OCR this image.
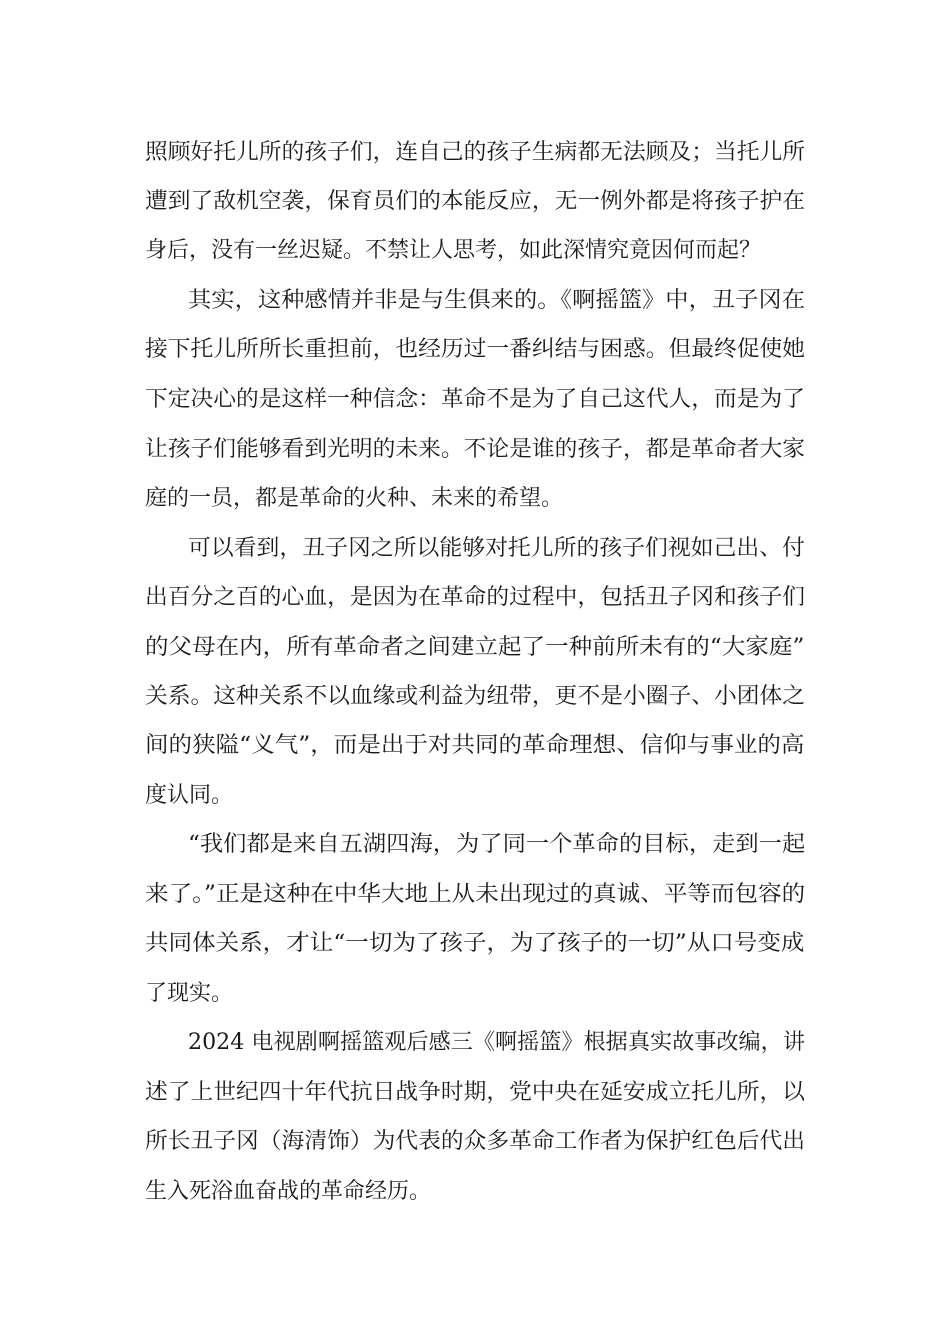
照顾好托儿所的孩子们，连自己的孩子生病都无法顾及；当托儿所

遭到了敌机空袭，保育员们的本能反应，无一例外都是将孩子护在

身后，没有一丝迟疑。不禁让人思考，如此深情究竟因何而起？

其实，这种感情并非是与生俱来的。《啊摇篮》中，丑子冈在

接下托儿所所长重担前，也经历过一番纠结与困惑。但最终促使她

下定决心的是这样一种信念：革命不是为了自己这代人，而是为了

让孩子们能够看到光明的未来。不论是谁的孩子，都是革命者大家

庭的一员，都是革命的火种、未来的希望。

可以看到，丑子冈之所以能够对托儿所的孩子们视如己出、付

出百分之百的心血，是因为在革命的过程中，包括丑子冈和孩子们

的父母在内，所有革命者之间建立起了一种前所未有的“大家庭”

关系。这种关系不以血缘或利益为纽带，更不是小圈子、小团体之

间的狭隘“义气”，而是出于对共同的革命理想、信仰与事业的高

度认同。

“我们都是来自五湖四海，为了同一个革命的目标，走到一起

来了。”正是这种在中华大地上从未出现过的真诚、平等而包容的

共同体关系，才让“一切为了孩子，为了孩子的一切”从口号变成

了现实。

2024 电视剧啊摇篮观后感三《啊摇篮》根据真实故事改编，讲

述了上世纪四十年代抗日战争时期，党中央在延安成立托儿所，以

所长丑子冈（海清饰）为代表的众多革命工作者为保护红色后代出

生入死浴血奋战的革命经历。
